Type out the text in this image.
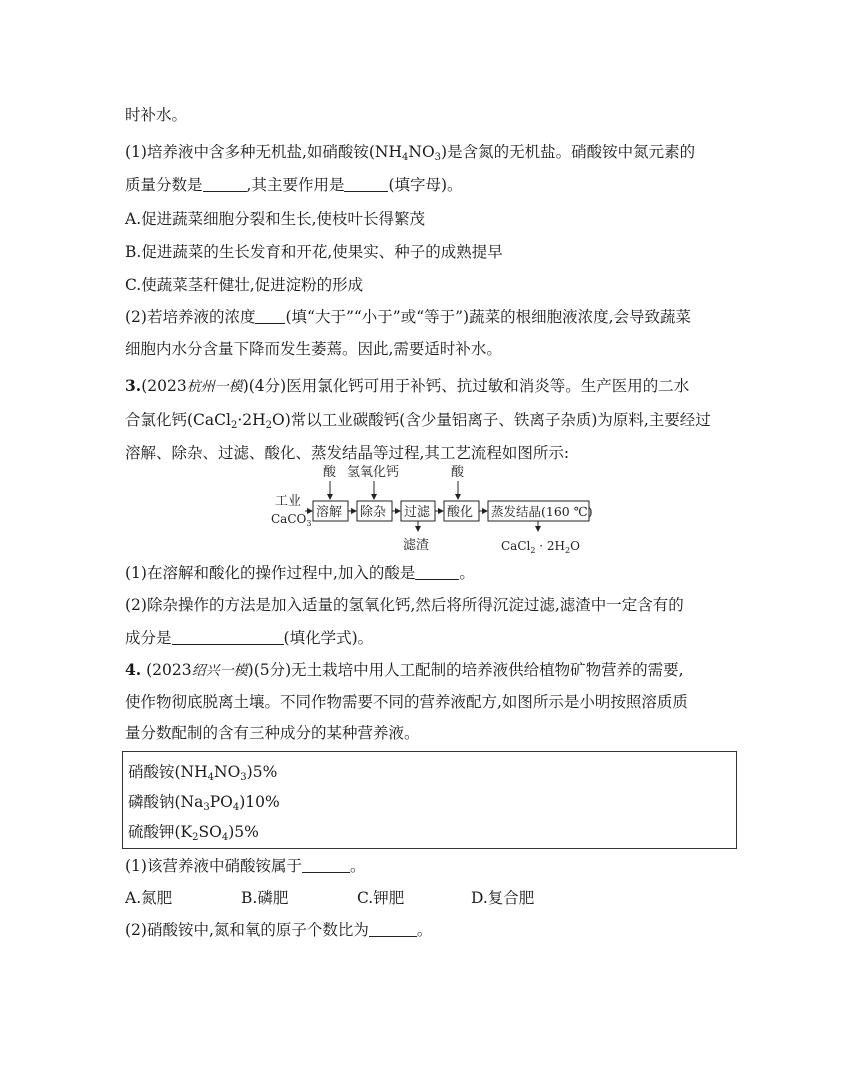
时补水。
(1)培养液中含多种无机盐,如硝酸铵$(NH_4NO_3)$是含氮的无机盐。硝酸铵中氮元素的
质量分数是	,其主要作用是	(填字母)。
A.促进蔬菜细胞分裂和生长,使枝叶长得繁茂
B.促进蔬菜的生长发育和开花,使果实、种子的成熟提早
C.使蔬菜茎秆健壮,促进淀粉的形成
(2)若培养液的浓度 (填“大于”“小于”或“等于”)蔬菜的根细胞液浓度,会导致蔬菜
细胞内水分含量下降而发生萎蔫。因此,需要适时补水。
3.(2023杭州一模)(4分)医用氯化钙可用于补钙、抗过敏和消炎等。生产医用的二水
合氯化钙$(CaCl_2\cdot 2H_2O)$常以工业碳酸钙(含少量铝离子、铁离子杂质)为原料,主要经过
溶解、除杂、过滤、酸化、蒸发结晶等过程,其工艺流程如图所示:
工业
CaCO$_3$
溶解 除杂 过滤 酸化 蒸发结晶(160 ℃)
酸 氢氧化钙	酸
滤渣	CaCl$_2$ · $2H_2O$
(1)在溶解和酸化的操作过程中,加入的酸是	。
(2)除杂操作的方法是加入适量的氢氧化钙,然后将所得沉淀过滤,滤渣中一定含有的
成分是	(填化学式)。
4. (2023绍兴一模)(5分)无土栽培中用人工配制的培养液供给植物矿物营养的需要,
使作物彻底脱离土壤。不同作物需要不同的营养液配方,如图所示是小明按照溶质质
量分数配制的含有三种成分的某种营养液。
硝酸铵$(NH_4NO_3)5\%$
磷酸钠$(Na_3PO_4)10\%$
硫酸钾$(K_2SO_4)5\%$
(1)该营养液中硝酸铵属于	。
A.氮肥	B.磷肥	C.钾肥	D.复合肥
(2)硝酸铵中,氮和氧的原子个数比为	。
